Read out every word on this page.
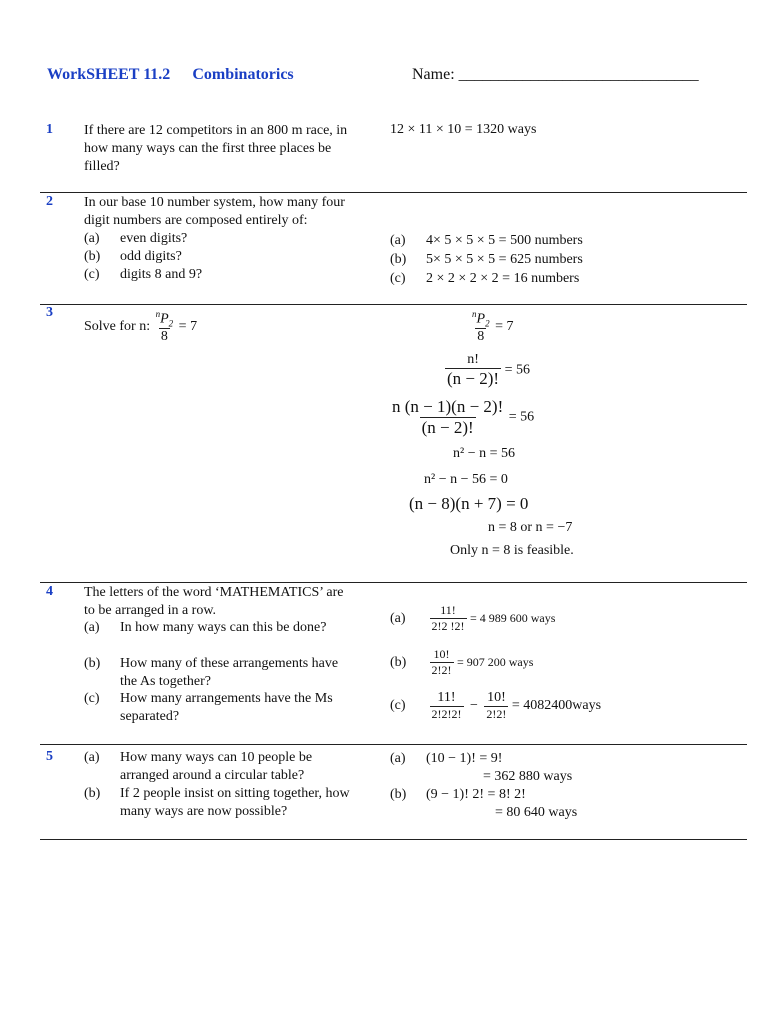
WorkSHEET 11.2 Combinatorics	Name: ______________________________
1 If there are 12 competitors in an 800 m race, in
how many ways can the first three places be
filled?
12 × 11 × 10 = 1320 ways
2 In our base 10 number system, how many four
digit numbers are composed entirely of:
(a) even digits?
(b) odd digits?
(c) digits 8 and 9?
(a) 4× 5 × 5 × 5 = 500 numbers
(b) 5× 5 × 5 × 5 = 625 numbers
(c) 2 × 2 × 2 × 2 = 16 numbers
3
Solve for n: $\frac{^nP_2}{8} = 7$	$\frac{^nP_2}{8} = 7$
$\frac{n!}{(n - 2)!} = 56$
$\frac{n (n - 1)(n - 2)!}{(n - 2)!} = 56$
n² − n = 56
n² − n − 56 = 0
(n − 8)(n + 7) = 0
n = 8 or n = −7
Only n = 8 is feasible.
4 The letters of the word ‘MATHEMATICS’ are
to be arranged in a row.
(a) In how many ways can this be done?
(b) How many of these arrangements have
the As together?
(c) How many arrangements have the Ms
separated?
$(a) \frac{11!}{2!2 !2!} = 4$ 989 600 ways
$(b) \frac{10!}{2!2!} = 907$ 200 ways
$(c) \frac{11!}{2!2!2!} - \frac{10!}{2!2!}$ = 4082400ways
5 (a) How many ways can 10 people be
arranged around a circular table?
(b) If 2 people insist on sitting together, how
many ways are now possible?
(a) (10 − 1)! = 9!
= 362 880 ways
(b) (9 − 1)! 2! = 8! 2!
= 80 640 ways
